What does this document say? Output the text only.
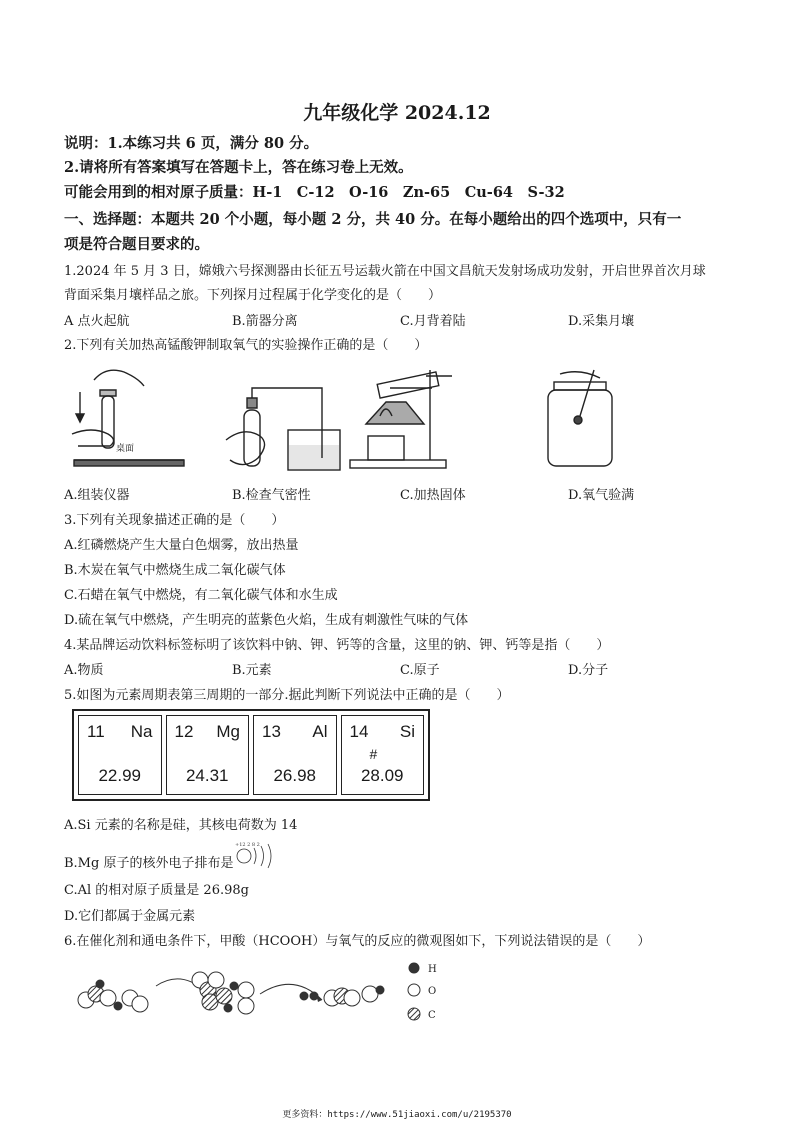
九年级化学 2024.12
说明：1.本练习共 6 页，满分 80 分。
2.请将所有答案填写在答题卡上，答在练习卷上无效。
可能会用到的相对原子质量：H-1　C-12　O-16　Zn-65　Cu-64　S-32
一、选择题：本题共 20 个小题，每小题 2 分，共 40 分。在每小题给出的四个选项中，只有一
项是符合题目要求的。
1.2024 年 5 月 3 日，嫦娥六号探测器由长征五号运载火箭在中国文昌航天发射场成功发射，开启世界首次月球
背面采集月壤样品之旅。下列探月过程属于化学变化的是（　　）
A 点火起航	B.箭器分离	C.月背着陆	D.采集月壤
2.下列有关加热高锰酸钾制取氧气的实验操作正确的是（　　）
桌面
A.组装仪器	B.检查气密性	C.加热固体	D.氧气验满
3.下列有关现象描述正确的是（　　）
A.红磷燃烧产生大量白色烟雾，放出热量
B.木炭在氧气中燃烧生成二氧化碳气体
C.石蜡在氧气中燃烧，有二氧化碳气体和水生成
D.硫在氧气中燃烧，产生明亮的蓝紫色火焰，生成有刺激性气味的气体
4.某品牌运动饮料标签标明了该饮料中钠、钾、钙等的含量，这里的钠、钾、钙等是指（　　）
A.物质	B.元素	C.原子	D.分子
5.如图为元素周期表第三周期的一部分.据此判断下列说法中正确的是（　　）
11 Na
22.99
12 Mg
24.31
13 Al
26.98
14 Si
#
28.09
A.Si 元素的名称是硅，其核电荷数为 14
B.Mg 原子的核外电子排布是
+12 2 8 2
C.Al 的相对原子质量是 26.98g
D.它们都属于金属元素
6.在催化剂和通电条件下，甲酸（HCOOH）与氧气的反应的微观图如下，下列说法错误的是（　　）
H
O
C
更多资料：https://www.51jiaoxi.com/u/2195370
